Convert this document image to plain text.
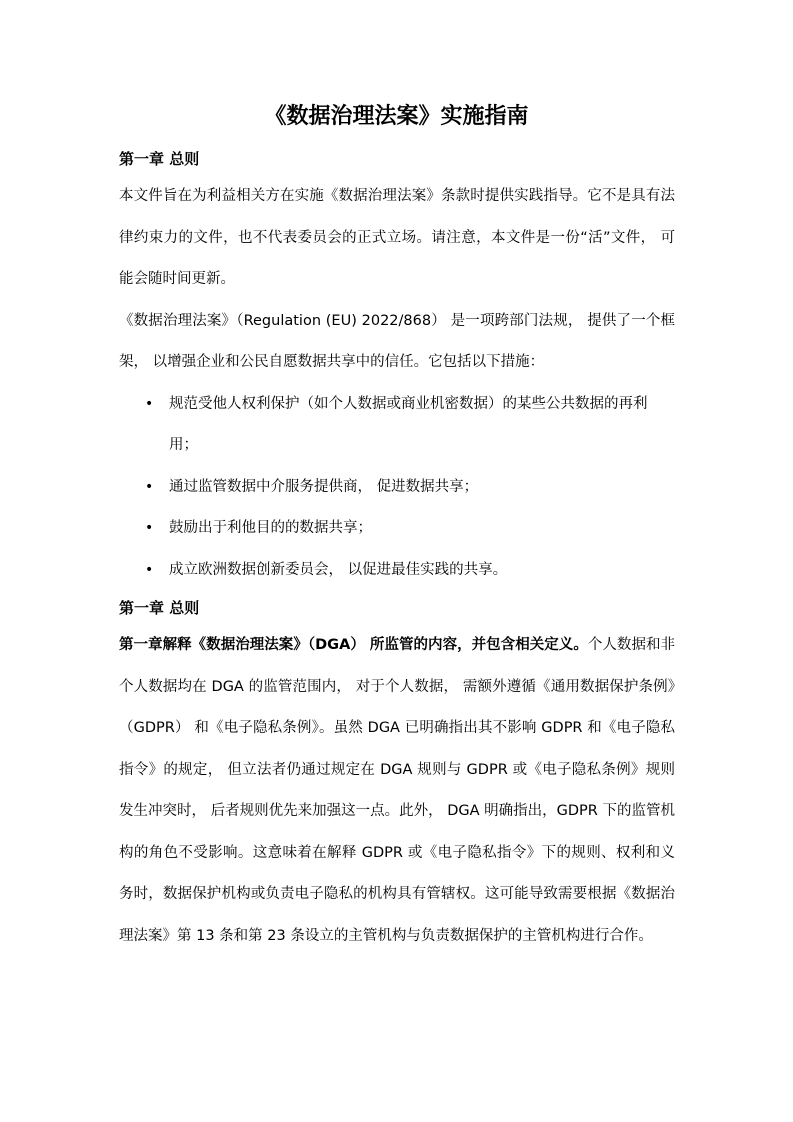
《数据治理法案》实施指南

第一章 总则

本文件旨在为利益相关方在实施《数据治理法案》条款时提供实践指导。它不是具有法律约束力的文件，也不代表委员会的正式立场。请注意，本文件是一份“活”文件， 可能会随时间更新。

《数据治理法案》（Regulation (EU) 2022/868） 是一项跨部门法规， 提供了一个框架， 以增强企业和公民自愿数据共享中的信任。它包括以下措施：

• 规范受他人权利保护（如个人数据或商业机密数据）的某些公共数据的再利用；
• 通过监管数据中介服务提供商， 促进数据共享；
• 鼓励出于利他目的的数据共享；
• 成立欧洲数据创新委员会， 以促进最佳实践的共享。

第一章 总则

第一章解释《数据治理法案》（DGA） 所监管的内容，并包含相关定义。个人数据和非个人数据均在 DGA 的监管范围内， 对于个人数据， 需额外遵循《通用数据保护条例》（GDPR） 和《电子隐私条例》。虽然 DGA 已明确指出其不影响 GDPR 和《电子隐私指令》的规定， 但立法者仍通过规定在 DGA 规则与 GDPR 或《电子隐私条例》规则发生冲突时， 后者规则优先来加强这一点。此外， DGA 明确指出，GDPR 下的监管机构的角色不受影响。这意味着在解释 GDPR 或《电子隐私指令》下的规则、权利和义务时，数据保护机构或负责电子隐私的机构具有管辖权。这可能导致需要根据《数据治理法案》第 13 条和第 23 条设立的主管机构与负责数据保护的主管机构进行合作。
